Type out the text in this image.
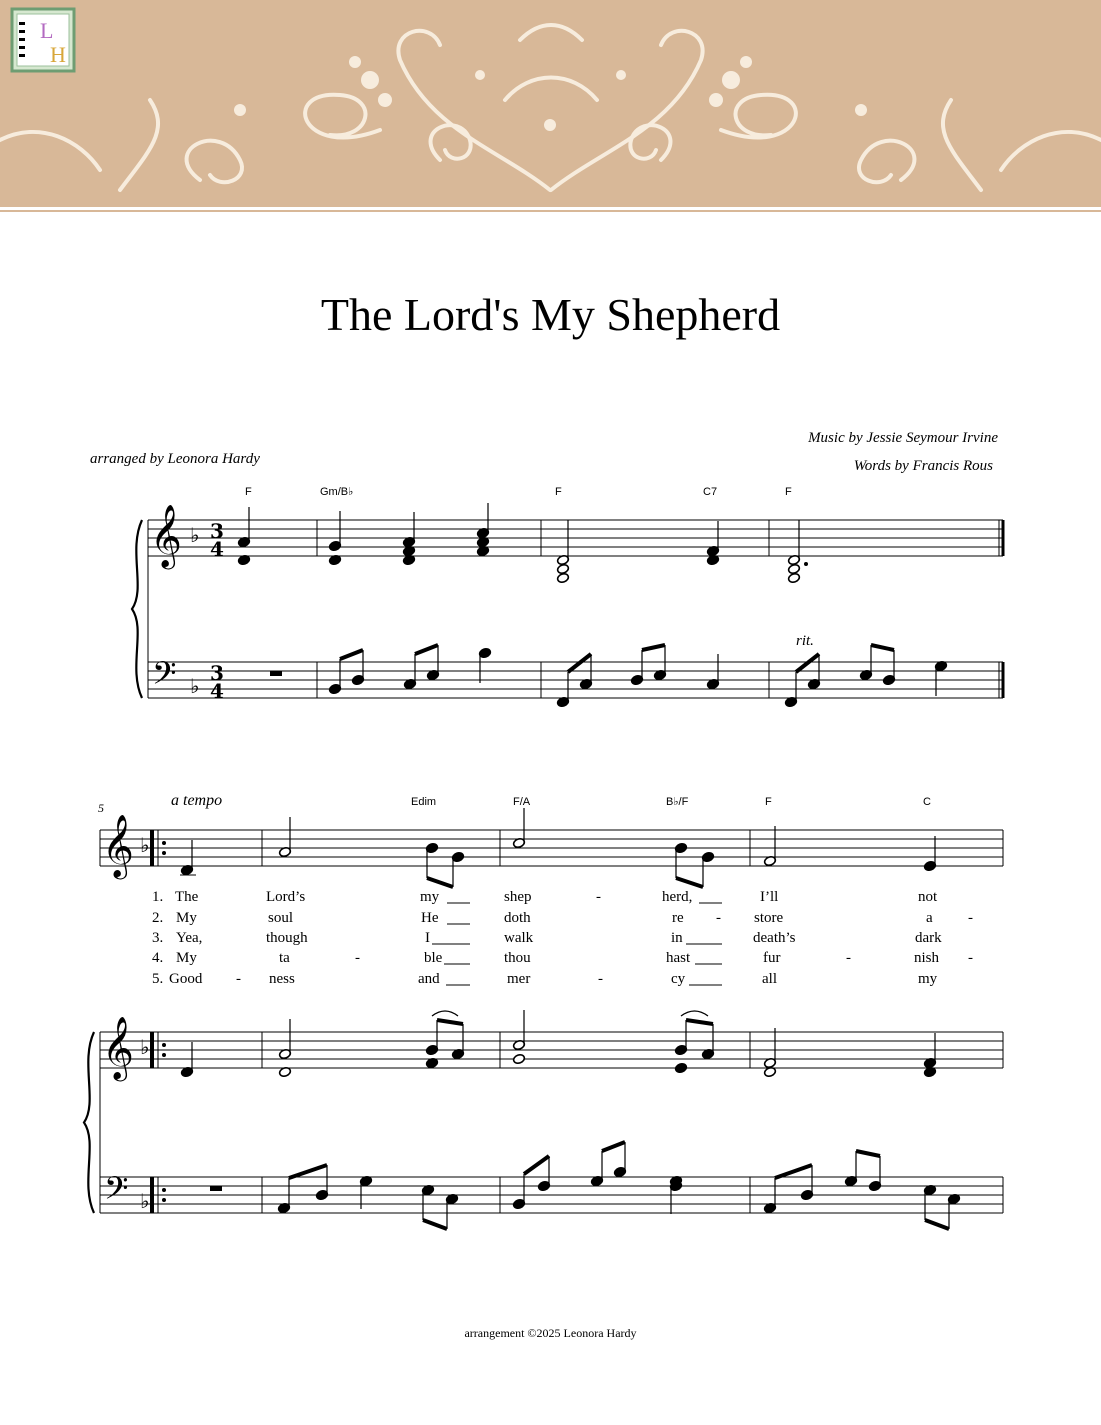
L
H
The Lord's My Shepherd
Music by Jessie Seymour Irvine
Words by Francis Rous
arranged by Leonora Hardy
𝄞
𝄢
♭
♭
3
4
3
4
𝄞
𝄞
𝄢
♭
♭
♭
F	Gm/B♭	F	C7	F
rit.
5	a tempo	Edim	F/A	B♭/F	F	C
1. The	Lord’s	my	shep	-	herd,	I’ll	not
2. My	soul	He	doth	re - store	a -
3. Yea,	though	I	walk	in	death’s	dark
4. My	ta	-	ble	thou	hast	fur	-	nish -
5. Good - ness	and	mer	-	cy	all	my
arrangement ©2025 Leonora Hardy
